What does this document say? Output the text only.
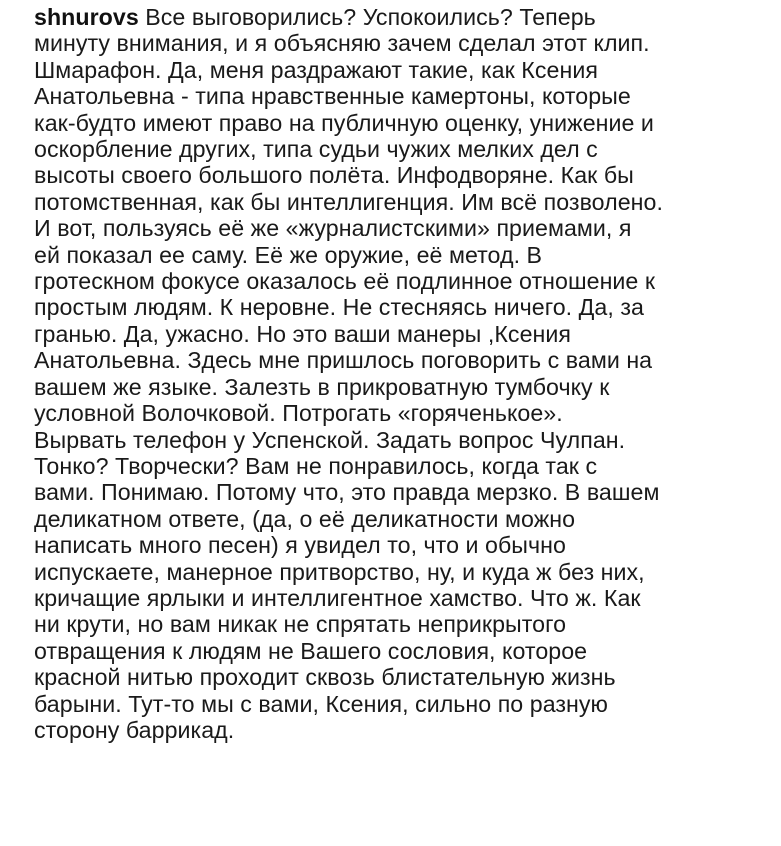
shnurovs Все выговорились? Успокоились? Теперь
минуту внимания, и я объясняю зачем сделал этот клип.
Шмарафон. Да, меня раздражают такие, как Ксения
Анатольевна - типа нравственные камертоны, которые
как-будто имеют право на публичную оценку, унижение и
оскорбление других, типа судьи чужих мелких дел с
высоты своего большого полёта. Инфодворяне. Как бы
потомственная, как бы интеллигенция. Им всё позволено.
И вот, пользуясь её же «журналистскими» приемами, я
ей показал ее саму. Её же оружие, её метод. В
гротескном фокусе оказалось её подлинное отношение к
простым людям. К неровне. Не стесняясь ничего. Да, за
гранью. Да, ужасно. Но это ваши манеры ,Ксения
Анатольевна. Здесь мне пришлось поговорить с вами на
вашем же языке. Залезть в прикроватную тумбочку к
условной Волочковой. Потрогать «горяченькое».
Вырвать телефон у Успенской. Задать вопрос Чулпан.
Тонко? Творчески? Вам не понравилось, когда так с
вами. Понимаю. Потому что, это правда мерзко. В вашем
деликатном ответе, (да, о её деликатности можно
написать много песен) я увидел то, что и обычно
испускаете, манерное притворство, ну, и куда ж без них,
кричащие ярлыки и интеллигентное хамство. Что ж. Как
ни крути, но вам никак не спрятать неприкрытого
отвращения к людям не Вашего сословия, которое
красной нитью проходит сквозь блистательную жизнь
барыни. Тут-то мы с вами, Ксения, сильно по разную
сторону баррикад.
